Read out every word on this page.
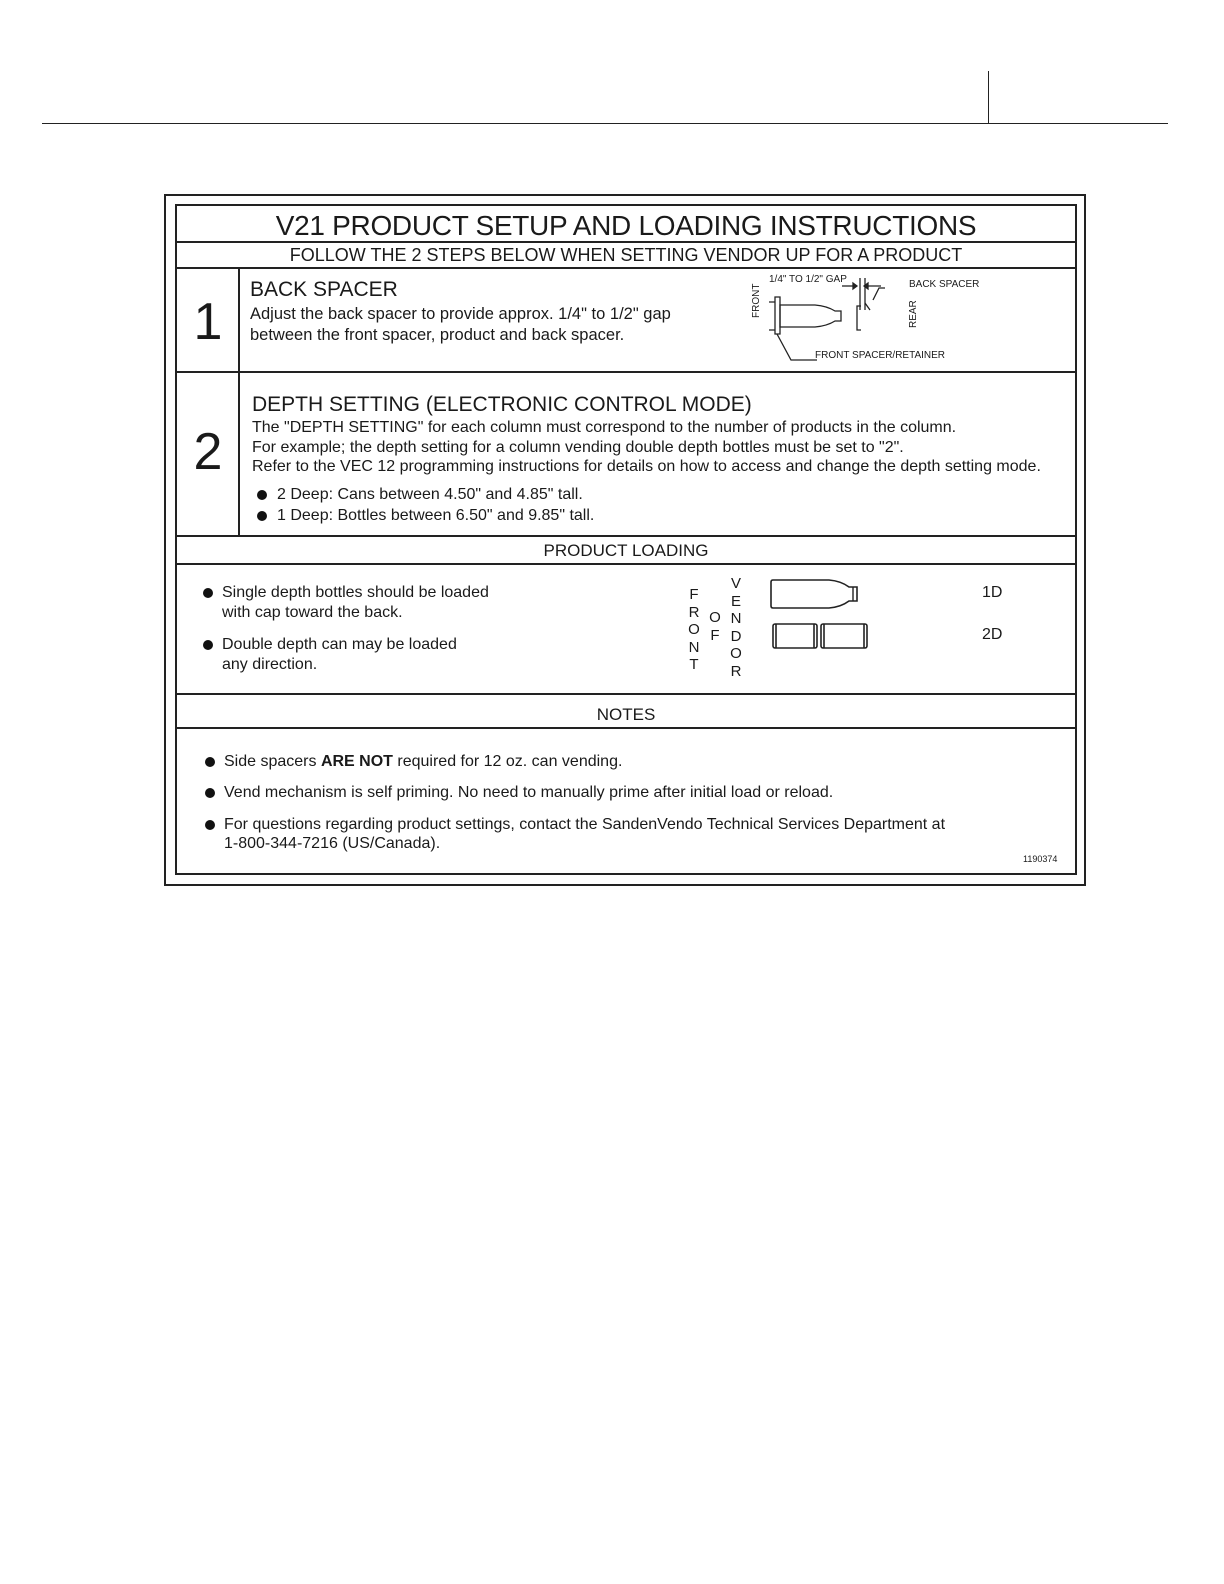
V21 PRODUCT SETUP AND LOADING INSTRUCTIONS
FOLLOW THE 2 STEPS BELOW WHEN SETTING VENDOR UP FOR A PRODUCT
1
BACK SPACER
Adjust the back spacer to provide approx. 1/4" to 1/2" gap
between the front spacer, product and back spacer.
1/4" TO 1/2" GAP	BACK SPACER
FRONT SPACER/RETAINER
FRONT	REAR
2
DEPTH SETTING (ELECTRONIC CONTROL MODE)
The "DEPTH SETTING" for each column must correspond to the number of products in the column.
For example; the depth setting for a column vending double depth bottles must be set to "2".
Refer to the VEC 12 programming instructions for details on how to access and change the depth setting mode.
2 Deep: Cans between 4.50" and 4.85" tall.
1 Deep: Bottles between 6.50" and 9.85" tall.
PRODUCT LOADING
Single depth bottles should be loaded
with cap toward the back.
Double depth can may be loaded
any direction.
F
R
O
N
T
O
F
V
E
N
D
O
R
1D
2D
NOTES
Side spacers ARE NOT required for 12 oz. can vending.
Vend mechanism is self priming. No need to manually prime after initial load or reload.
For questions regarding product settings, contact the SandenVendo Technical Services Department at
1-800-344-7216 (US/Canada).
1190374
